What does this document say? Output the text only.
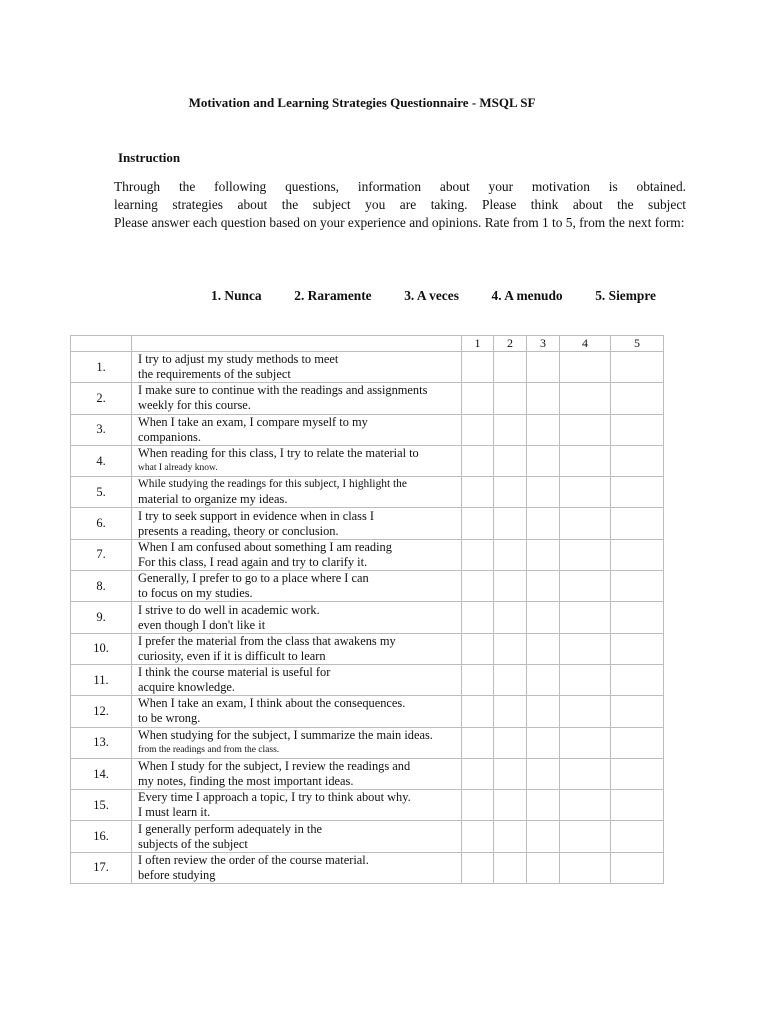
Motivation and Learning Strategies Questionnaire - MSQL SF
Instruction

Through the following questions, information about your motivation is obtained.

learning strategies about the subject you are taking. Please think about the subject

Please answer each question based on your experience and opinions. Rate from 1 to 5, from the next form:

1. Nunca 2. Raramente 3. A veces 4. A menudo 5. Siempre
		1	2	3	4	5
1.	I try to adjust my study methods to meet
the requirements of the subject					

2.	I make sure to continue with the readings and assignments
weekly for this course.					

3.	When I take an exam, I compare myself to my
companions.					

4.	When reading for this class, I try to relate the material to
what I already know.					

5.	While studying the readings for this subject, I highlight the
material to organize my ideas.					

6.	I try to seek support in evidence when in class I
presents a reading, theory or conclusion.					

7.	When I am confused about something I am reading
For this class, I read again and try to clarify it.					

8.	Generally, I prefer to go to a place where I can
to focus on my studies.					

9.	I strive to do well in academic work.
even though I don't like it					

10.	I prefer the material from the class that awakens my
curiosity, even if it is difficult to learn					

11.	I think the course material is useful for
acquire knowledge.					

12.	When I take an exam, I think about the consequences.
to be wrong.					

13.	When studying for the subject, I summarize the main ideas.
from the readings and from the class.					

14.	When I study for the subject, I review the readings and
my notes, finding the most important ideas.					

15.	Every time I approach a topic, I try to think about why.
I must learn it.					

16.	I generally perform adequately in the
subjects of the subject					

17.	I often review the order of the course material.
before studying					
